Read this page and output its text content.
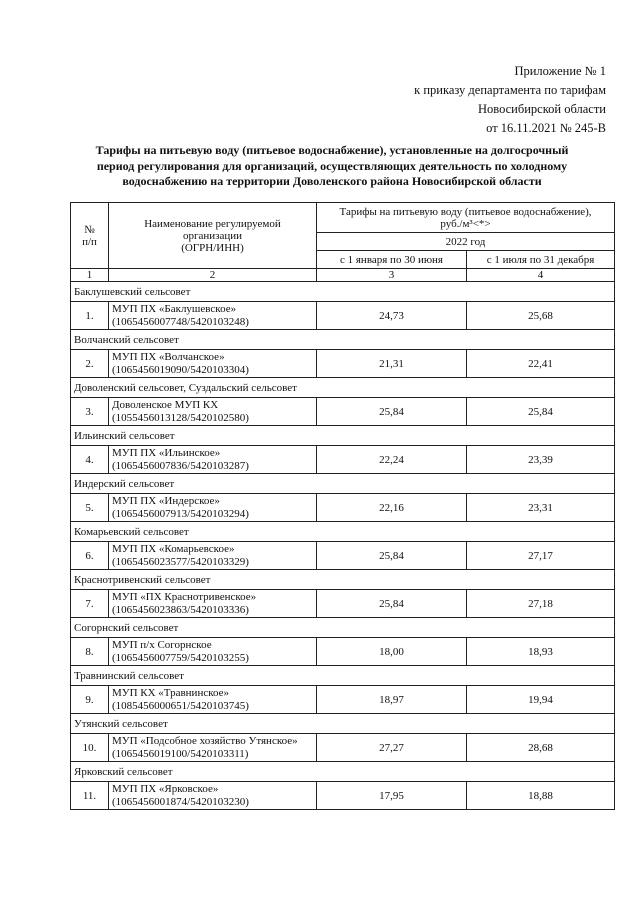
Приложение № 1
к приказу департамента по тарифам
Новосибирской области
от 16.11.2021 № 245-В
Тарифы на питьевую воду (питьевое водоснабжение), установленные на долгосрочный
период регулирования для организаций, осуществляющих деятельность по холодному
водоснабжению на территории Доволенского района Новосибирской области
№
п/п	Наименование регулируемой
организации
(ОГРН/ИНН)	Тарифы на питьевую воду (питьевое водоснабжение),
руб./м³<*>	
		2022 год	
		с 1 января по 30 июня	с 1 июля по 31 декабря
1	2	3	4
Баклушевский сельсовет			
1.	МУП ПХ «Баклушевское»
(1065456007748/5420103248)	24,73	25,68
Волчанский сельсовет			
2.	МУП ПХ «Волчанское»
(1065456019090/5420103304)	21,31	22,41
Доволенский сельсовет, Суздальский сельсовет			
3.	Доволенское МУП КХ
(1055456013128/5420102580)	25,84	25,84
Ильинский сельсовет			
4.	МУП ПХ «Ильинское»
(1065456007836/5420103287)	22,24	23,39
Индерский сельсовет			
5.	МУП ПХ «Индерское»
(1065456007913/5420103294)	22,16	23,31
Комарьевский сельсовет			
6.	МУП ПХ «Комарьевское»
(1065456023577/5420103329)	25,84	27,17
Краснотривенский сельсовет			
7.	МУП «ПХ Краснотривенское»
(1065456023863/5420103336)	25,84	27,18
Согорнский сельсовет			
8.	МУП п/х Согорнское
(1065456007759/5420103255)	18,00	18,93
Травнинский сельсовет			
9.	МУП КХ «Травнинское»
(1085456000651/5420103745)	18,97	19,94
Утянский сельсовет			
10.	МУП «Подсобное хозяйство Утянское»
(1065456019100/5420103311)	27,27	28,68
Ярковский сельсовет			
11.	МУП ПХ «Ярковское»
(1065456001874/5420103230)	17,95	18,88
